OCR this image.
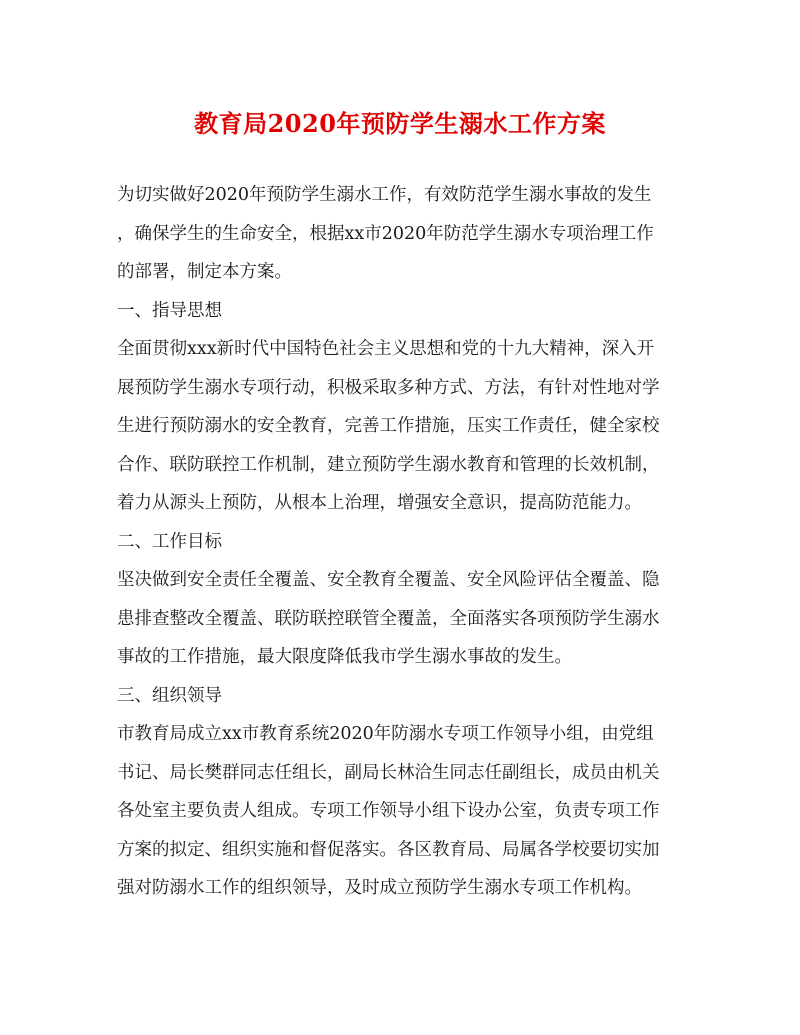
教育局2020年预防学生溺水工作方案
为切实做好2020年预防学生溺水工作，有效防范学生溺水事故的发生
，确保学生的生命安全，根据xx市2020年防范学生溺水专项治理工作
的部署，制定本方案。
一、指导思想
全面贯彻xxx新时代中国特色社会主义思想和党的十九大精神，深入开
展预防学生溺水专项行动，积极采取多种方式、方法，有针对性地对学
生进行预防溺水的安全教育，完善工作措施，压实工作责任，健全家校
合作、联防联控工作机制，建立预防学生溺水教育和管理的长效机制，
着力从源头上预防，从根本上治理，增强安全意识，提高防范能力。
二、工作目标
坚决做到安全责任全覆盖、安全教育全覆盖、安全风险评估全覆盖、隐
患排查整改全覆盖、联防联控联管全覆盖，全面落实各项预防学生溺水
事故的工作措施，最大限度降低我市学生溺水事故的发生。
三、组织领导
市教育局成立xx市教育系统2020年防溺水专项工作领导小组，由党组
书记、局长樊群同志任组长，副局长林洽生同志任副组长，成员由机关
各处室主要负责人组成。专项工作领导小组下设办公室，负责专项工作
方案的拟定、组织实施和督促落实。各区教育局、局属各学校要切实加
强对防溺水工作的组织领导，及时成立预防学生溺水专项工作机构。
